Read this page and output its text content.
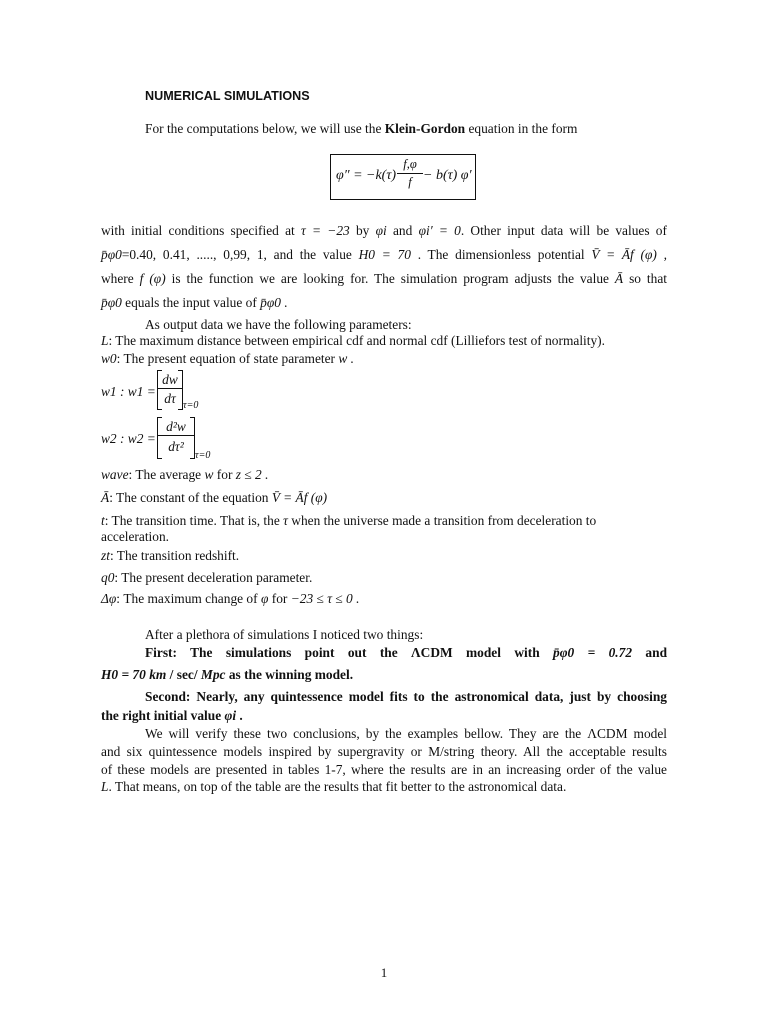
NUMERICAL SIMULATIONS
For the computations below, we will use the Klein-Gordon equation in the form
$\varphi'' = -k(\tau) \frac{f,\varphi}{f} - b(\tau)$ φ′
with initial conditions specified at τ = −23 by φi and φi′ = 0. Other input data will be values of
p̄φ0=0.40, 0.41, ....., 0,99, 1, and the value H0 = 70 . The dimensionless potential V̄ = Āf (φ) ,
where f (φ) is the function we are looking for. The simulation program adjusts the value Ā so that
p̄φ0 equals the input value of p̄φ0 .
As output data we have the following parameters:
L: The maximum distance between empirical cdf and normal cdf (Lilliefors test of normality).
w0: The present equation of state parameter w .
w1 : w1 =
dw
dτ τ=0
w2 : w2 =
d²w
dτ²
τ=0
wave: The average w for z ≤ 2 .
Ā: The constant of the equation V̄ = Āf (φ)
t: The transition time. That is, the τ when the universe made a transition from deceleration to
acceleration.
zt: The transition redshift.
q0: The present deceleration parameter.
Δφ: The maximum change of φ for −23 ≤ τ ≤ 0 .
After a plethora of simulations I noticed two things:
First: The simulations point out the ΛCDM model with p̄φ0 = 0.72 and
H0 = 70 km / sec/ Mpc as the winning model.
Second: Nearly, any quintessence model fits to the astronomical data, just by choosing
the right initial value φi .
We will verify these two conclusions, by the examples bellow. They are the ΛCDM model
and six quintessence models inspired by supergravity or M/string theory. All the acceptable results
of these models are presented in tables 1-7, where the results are in an increasing order of the value
L. That means, on top of the table are the results that fit better to the astronomical data.
1
